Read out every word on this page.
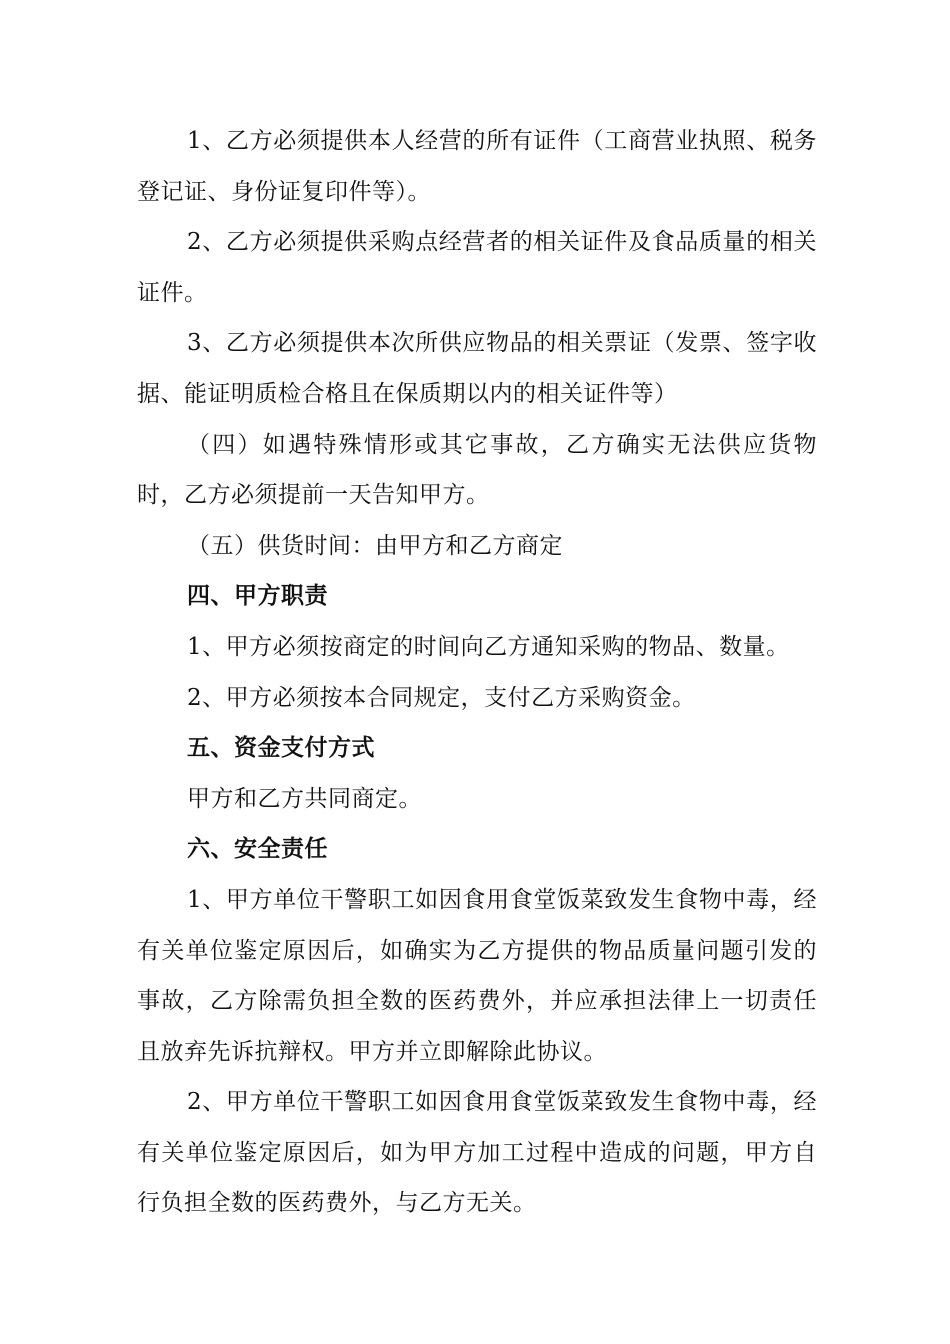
1、乙方必须提供本人经营的所有证件（工商营业执照、税务登记证、身份证复印件等）。

2、乙方必须提供采购点经营者的相关证件及食品质量的相关证件。

3、乙方必须提供本次所供应物品的相关票证（发票、签字收据、能证明质检合格且在保质期以内的相关证件等）

（四）如遇特殊情形或其它事故，乙方确实无法供应货物时，乙方必须提前一天告知甲方。

（五）供货时间：由甲方和乙方商定

四、甲方职责

1、甲方必须按商定的时间向乙方通知采购的物品、数量。

2、甲方必须按本合同规定，支付乙方采购资金。

五、资金支付方式

甲方和乙方共同商定。

六、安全责任

1、甲方单位干警职工如因食用食堂饭菜致发生食物中毒，经有关单位鉴定原因后，如确实为乙方提供的物品质量问题引发的事故，乙方除需负担全数的医药费外，并应承担法律上一切责任且放弃先诉抗辩权。甲方并立即解除此协议。

2、甲方单位干警职工如因食用食堂饭菜致发生食物中毒，经有关单位鉴定原因后，如为甲方加工过程中造成的问题，甲方自行负担全数的医药费外，与乙方无关。
